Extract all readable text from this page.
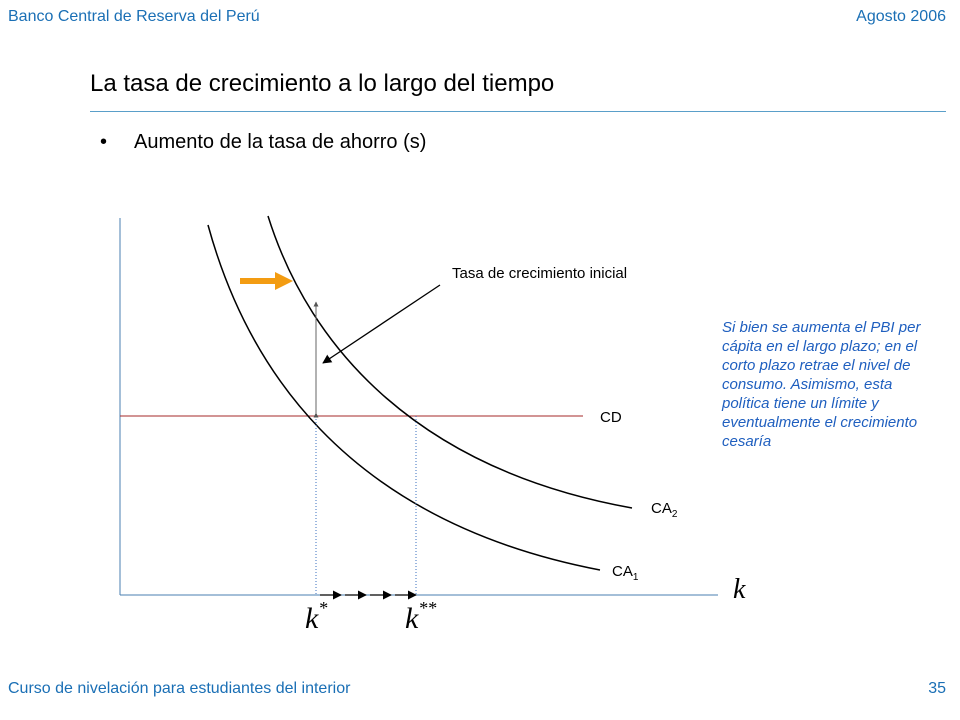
Banco Central de Reserva del Perú	Agosto 2006
La tasa de crecimiento a lo largo del tiempo
• Aumento de la tasa de ahorro (s)
Tasa de crecimiento inicial
CD
$CA_2$
$CA_1$	k
k*	k**
Si bien se aumenta el PBI per cápita en el largo plazo; en el corto plazo retrae el nivel de consumo. Asimismo, esta política tiene un límite y eventualmente el crecimiento cesaría
Curso de nivelación para estudiantes del interior	35
